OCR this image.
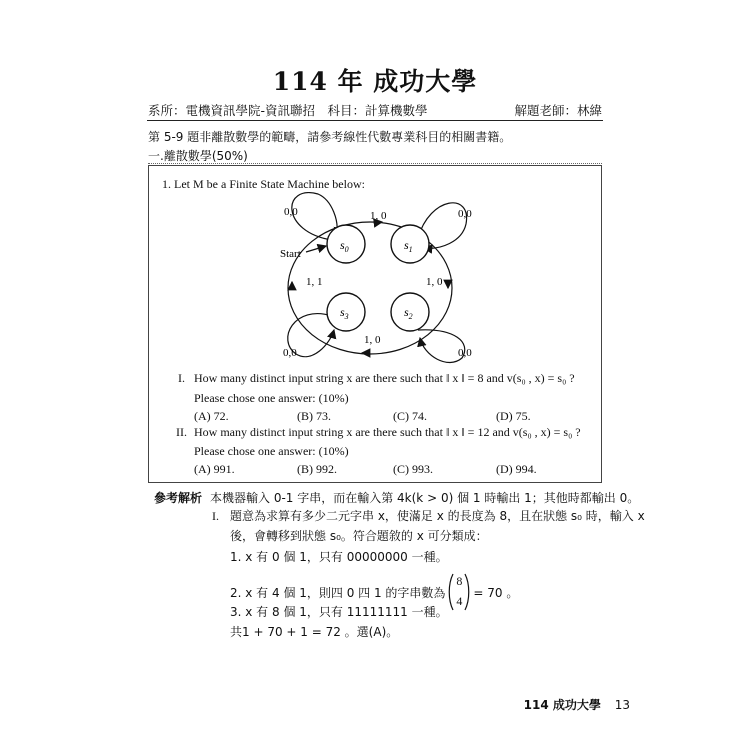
114 年 成功大學
系所：電機資訊學院-資訊聯招　科目：計算機數學	解題老師：林緯
第 5-9 題非離散數學的範疇，請參考線性代數專業科目的相關書籍。
一.離散數學(50%)
1. Let M be a Finite State Machine below:
Start
$s_0$	$s_1$
$s_2$
$s_3$
0,0	0,0
0,0
0,0
1, 0
1, 0
1, 0
1, 1
I. How many distinct input string x are there such that ‖ x ‖ = 8 and v(s₀ , x) = s₀ ?
Please chose one answer: (10%)
(A) 72.	(B) 73.	(C) 74.	(D) 75.
II. How many distinct input string x are there such that ‖ x ‖ = 12 and v(s₀ , x) = s₀ ?
Please chose one answer: (10%)
(A) 991.	(B) 992.	(C) 993.	(D) 994.
參考解析 本機器輸入 0-1 字串，而在輸入第 4k(k > 0) 個 1 時輸出 1；其他時都輸出 0。
I. 題意為求算有多少二元字串 x，使滿足 x 的長度為 8，且在狀態 s₀ 時，輸入 x
後，會轉移到狀態 s₀。符合題敘的 x 可分類成：
1. x 有 0 個 1，只有 00000000 一種。
2. x 有 4 個 1，則四 0 四 1 的字串數為
8
4
= 70 。
3. x 有 8 個 1，只有 11111111 一種。
共1 + 70 + 1 = 72 。選(A)。
114 成功大學 13
